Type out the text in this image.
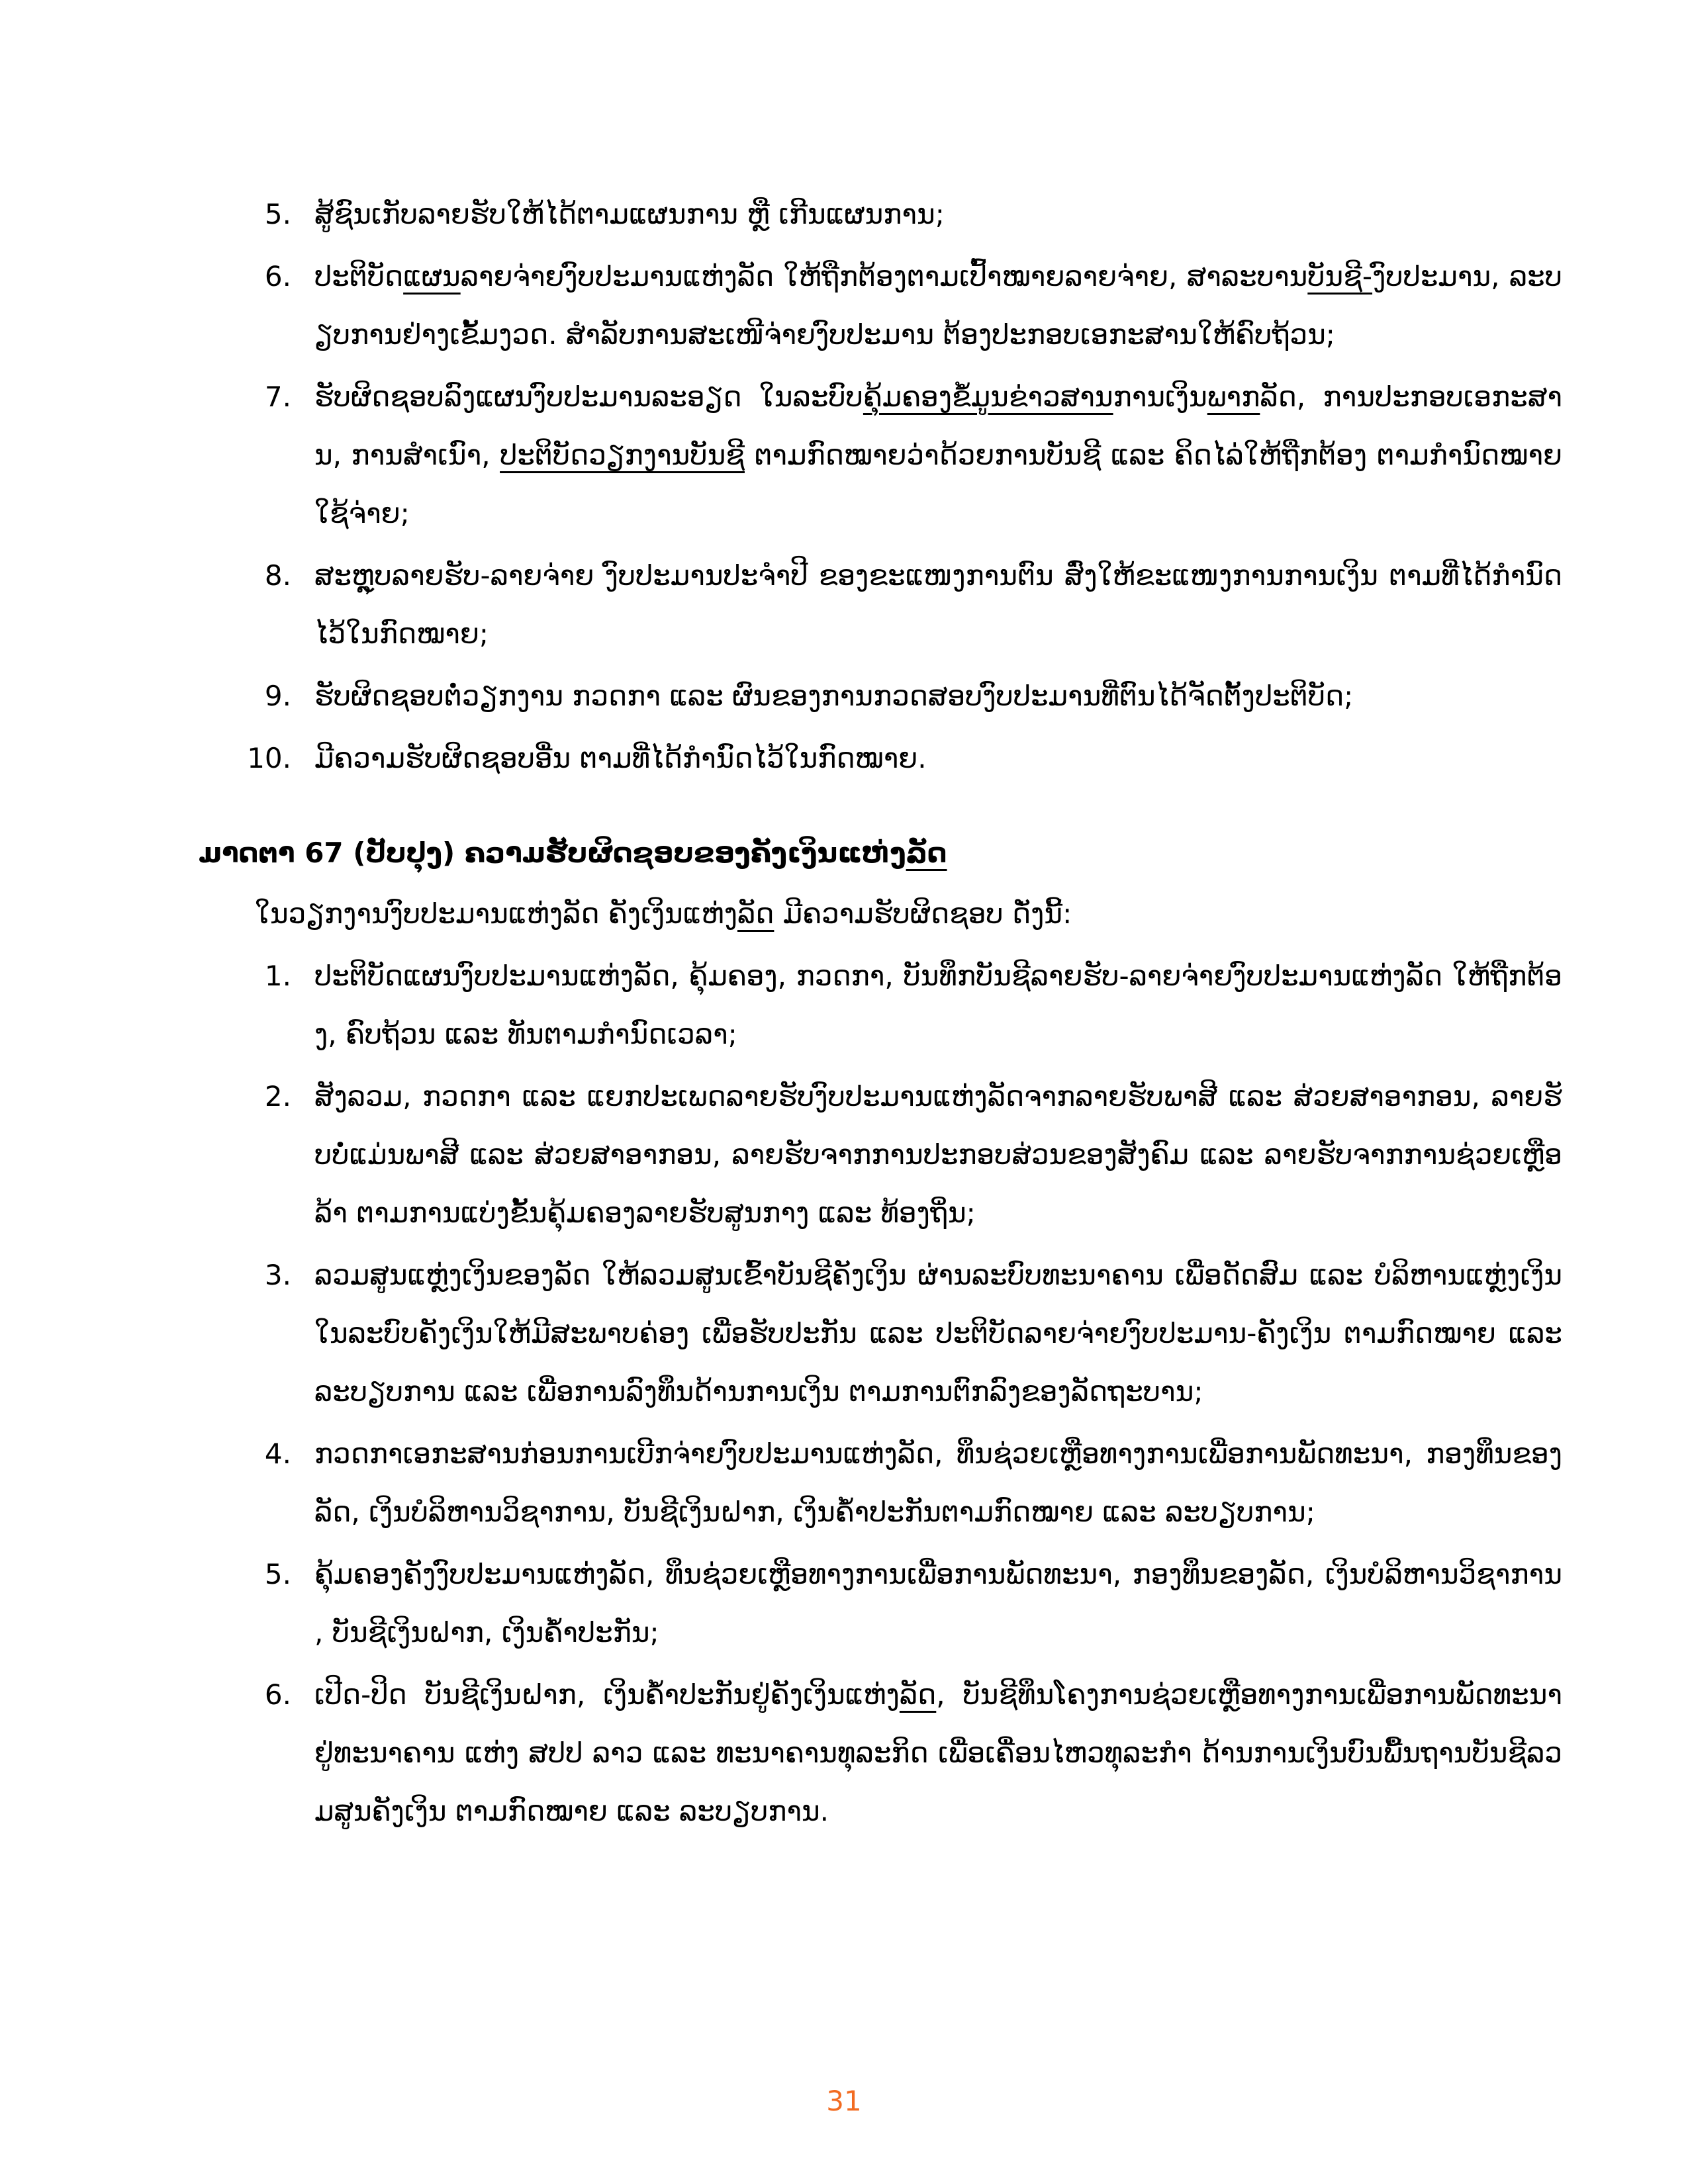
5. ສູ້ຊົນເກັບລາຍຮັບໃຫ້ໄດ້ຕາມແຜນການ ຫຼື ເກີນແຜນການ;
6. ປະຕິບັດແຜນລາຍຈ່າຍງົບປະມານແຫ່ງລັດ ໃຫ້ຖືກຕ້ອງຕາມເປົ້າໝາຍລາຍຈ່າຍ, ສາລະບານບັນຊີ-ງົບປະມານ, ລະບຽບການຢ່າງເຂັ້ມງວດ. ສຳລັບການສະເໜີຈ່າຍງົບປະມານ ຕ້ອງປະກອບເອກະສານໃຫ້ຄົບຖ້ວນ;
7. ຮັບຜິດຊອບລົງແຜນງົບປະມານລະອຽດ ໃນລະບົບຄຸ້ມຄອງຂໍ້ມູນຂ່າວສານການເງິນພາກລັດ, ການປະກອບເອກະສານ, ການສຳເນົາ, ປະຕິບັດວຽກງານບັນຊີ ຕາມກົດໝາຍວ່າດ້ວຍການບັນຊີ ແລະ ຄິດໄລ່ໃຫ້ຖືກຕ້ອງ ຕາມກຳນົດໝາຍໃຊ້ຈ່າຍ;
8. ສະຫຼຸບລາຍຮັບ-ລາຍຈ່າຍ ງົບປະມານປະຈຳປີ ຂອງຂະແໜງການຕົນ ສົ່ງໃຫ້ຂະແໜງການການເງິນ ຕາມທີ່ໄດ້ກຳນົດໄວ້ໃນກົດໝາຍ;
9. ຮັບຜິດຊອບຕໍ່ວຽກງານ ກວດກາ ແລະ ຜົນຂອງການກວດສອບງົບປະມານທີ່ຕົນໄດ້ຈັດຕັ້ງປະຕິບັດ;
10. ມີຄວາມຮັບຜິດຊອບອື່ນ ຕາມທີ່ໄດ້ກຳນົດໄວ້ໃນກົດໝາຍ.
ມາດຕາ 67 (ປັບປຸງ) ຄວາມຮັບຜິດຊອບຂອງຄັງເງິນແຫ່ງລັດ
ໃນວຽກງານງົບປະມານແຫ່ງລັດ ຄັງເງິນແຫ່ງລັດ ມີຄວາມຮັບຜິດຊອບ ດັ່ງນີ້:
1. ປະຕິບັດແຜນງົບປະມານແຫ່ງລັດ, ຄຸ້ມຄອງ, ກວດກາ, ບັນທຶກບັນຊີລາຍຮັບ-ລາຍຈ່າຍງົບປະມານແຫ່ງລັດ ໃຫ້ຖືກຕ້ອງ, ຄົບຖ້ວນ ແລະ ທັນຕາມກຳນົດເວລາ;
2. ສັງລວມ, ກວດກາ ແລະ ແຍກປະເພດລາຍຮັບງົບປະມານແຫ່ງລັດຈາກລາຍຮັບພາສີ ແລະ ສ່ວຍສາອາກອນ, ລາຍຮັບບໍ່ແມ່ນພາສີ ແລະ ສ່ວຍສາອາກອນ, ລາຍຮັບຈາກການປະກອບສ່ວນຂອງສັງຄົມ ແລະ ລາຍຮັບຈາກການຊ່ວຍເຫຼືອລ້າ ຕາມການແບ່ງຂັ້ນຄຸ້ມຄອງລາຍຮັບສູນກາງ ແລະ ທ້ອງຖິ່ນ;
3. ລວມສູນແຫຼ່ງເງິນຂອງລັດ ໃຫ້ລວມສູນເຂົ້າບັນຊີຄັງເງິນ ຜ່ານລະບົບທະນາຄານ ເພື່ອດັດສົມ ແລະ ບໍລິຫານແຫຼ່ງເງິນໃນລະບົບຄັງເງິນໃຫ້ມີສະພາບຄ່ອງ ເພື່ອຮັບປະກັນ ແລະ ປະຕິບັດລາຍຈ່າຍງົບປະມານ-ຄັງເງິນ ຕາມກົດໝາຍ ແລະ ລະບຽບການ ແລະ ເພື່ອການລົງທຶນດ້ານການເງິນ ຕາມການຕົກລົງຂອງລັດຖະບານ;
4. ກວດກາເອກະສານກ່ອນການເບີກຈ່າຍງົບປະມານແຫ່ງລັດ, ທຶນຊ່ວຍເຫຼືອທາງການເພື່ອການພັດທະນາ, ກອງທຶນຂອງລັດ, ເງິນບໍລິຫານວິຊາການ, ບັນຊີເງິນຝາກ, ເງິນຄ້ຳປະກັນຕາມກົດໝາຍ ແລະ ລະບຽບການ;
5. ຄຸ້ມຄອງຄັງງົບປະມານແຫ່ງລັດ, ທຶນຊ່ວຍເຫຼືອທາງການເພື່ອການພັດທະນາ, ກອງທຶນຂອງລັດ, ເງິນບໍລິຫານວິຊາການ, ບັນຊີເງິນຝາກ, ເງິນຄ້ຳປະກັນ;
6. ເປີດ-ປິດ ບັນຊີເງິນຝາກ, ເງິນຄ້ຳປະກັນຢູ່ຄັງເງິນແຫ່ງລັດ, ບັນຊີທຶນໂຄງການຊ່ວຍເຫຼືອທາງການເພື່ອການພັດທະນາ ຢູ່ທະນາຄານ ແຫ່ງ ສປປ ລາວ ແລະ ທະນາຄານທຸລະກິດ ເພື່ອເຄື່ອນໄຫວທຸລະກຳ ດ້ານການເງິນບົນພື້ນຖານບັນຊີລວມສູນຄັງເງິນ ຕາມກົດໝາຍ ແລະ ລະບຽບການ.
31
